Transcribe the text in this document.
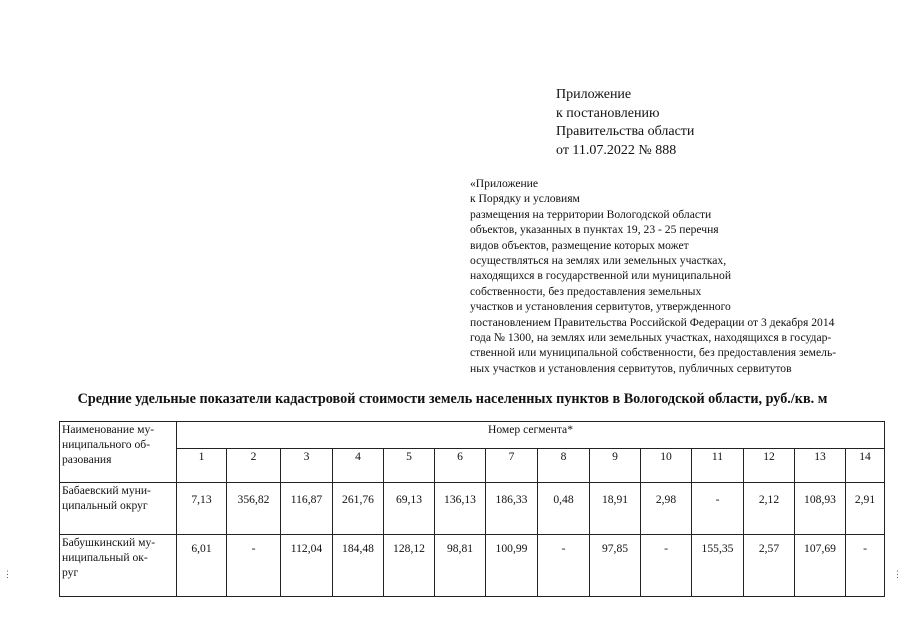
Приложение
к постановлению
Правительства области
от 11.07.2022 № 888
«Приложение
к Порядку и условиям
размещения на территории Вологодской области
объектов, указанных в пунктах 19, 23 - 25 перечня
видов объектов, размещение которых может
осуществляться на землях или земельных участках,
находящихся в государственной или муниципальной
собственности, без предоставления земельных
участков и установления сервитутов, утвержденного
постановлением Правительства Российской Федерации от 3 декабря 2014
года № 1300, на землях или земельных участках, находящихся в государ-
ственной или муниципальной собственности, без предоставления земель-
ных участков и установления сервитутов, публичных сервитутов
Средние удельные показатели кадастровой стоимости земель населенных пунктов в Вологодской области, руб./кв. м
Наименование му-
ниципального об-
разования	Номер сегмента*													
	1	2	3	4	5	6	7	8	9	10	11	12	13	14

Бабаевский муни-
ципальный округ	7,13	356,82	116,87	261,76	69,13	136,13	186,33	0,48	18,91	2,98	-	2,12	108,93	2,91

Бабушкинский му-
ниципальный ок-
руг	6,01	-	112,04	184,48	128,12	98,81	100,99	-	97,85	-	155,35	2,57	107,69	-
⋮	⋮
